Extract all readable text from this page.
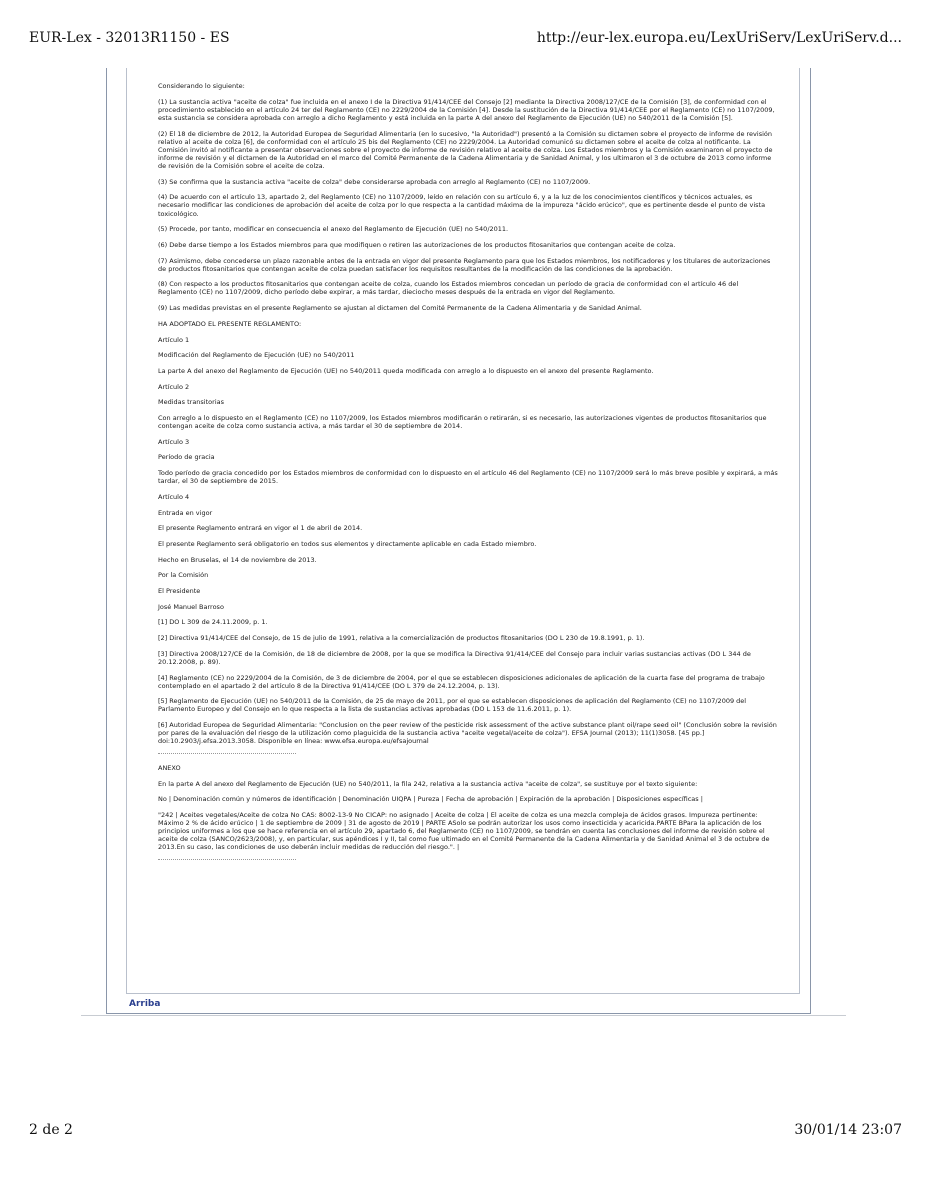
EUR-Lex - 32013R1150 - ES	http://eur-lex.europa.eu/LexUriServ/LexUriServ.d...

Considerando lo siguiente:

(1) La sustancia activa "aceite de colza" fue incluida en el anexo I de la Directiva 91/414/CEE del Consejo [2] mediante la Directiva 2008/127/CE de la Comisión [3], de conformidad con el procedimiento establecido en el artículo 24 ter del Reglamento (CE) no 2229/2004 de la Comisión [4]. Desde la sustitución de la Directiva 91/414/CEE por el Reglamento (CE) no 1107/2009, esta sustancia se considera aprobada con arreglo a dicho Reglamento y está incluida en la parte A del anexo del Reglamento de Ejecución (UE) no 540/2011 de la Comisión [5].

(2) El 18 de diciembre de 2012, la Autoridad Europea de Seguridad Alimentaria (en lo sucesivo, "la Autoridad") presentó a la Comisión su dictamen sobre el proyecto de informe de revisión relativo al aceite de colza [6], de conformidad con el artículo 25 bis del Reglamento (CE) no 2229/2004. La Autoridad comunicó su dictamen sobre el aceite de colza al notificante. La Comisión invitó al notificante a presentar observaciones sobre el proyecto de informe de revisión relativo al aceite de colza. Los Estados miembros y la Comisión examinaron el proyecto de informe de revisión y el dictamen de la Autoridad en el marco del Comité Permanente de la Cadena Alimentaria y de Sanidad Animal, y los ultimaron el 3 de octubre de 2013 como informe de revisión de la Comisión sobre el aceite de colza.

(3) Se confirma que la sustancia activa "aceite de colza" debe considerarse aprobada con arreglo al Reglamento (CE) no 1107/2009.

(4) De acuerdo con el artículo 13, apartado 2, del Reglamento (CE) no 1107/2009, leído en relación con su artículo 6, y a la luz de los conocimientos científicos y técnicos actuales, es necesario modificar las condiciones de aprobación del aceite de colza por lo que respecta a la cantidad máxima de la impureza "ácido erúcico", que es pertinente desde el punto de vista toxicológico.

(5) Procede, por tanto, modificar en consecuencia el anexo del Reglamento de Ejecución (UE) no 540/2011.

(6) Debe darse tiempo a los Estados miembros para que modifiquen o retiren las autorizaciones de los productos fitosanitarios que contengan aceite de colza.

(7) Asimismo, debe concederse un plazo razonable antes de la entrada en vigor del presente Reglamento para que los Estados miembros, los notificadores y los titulares de autorizaciones de productos fitosanitarios que contengan aceite de colza puedan satisfacer los requisitos resultantes de la modificación de las condiciones de la aprobación.

(8) Con respecto a los productos fitosanitarios que contengan aceite de colza, cuando los Estados miembros concedan un período de gracia de conformidad con el artículo 46 del Reglamento (CE) no 1107/2009, dicho período debe expirar, a más tardar, dieciocho meses después de la entrada en vigor del Reglamento.

(9) Las medidas previstas en el presente Reglamento se ajustan al dictamen del Comité Permanente de la Cadena Alimentaria y de Sanidad Animal.

HA ADOPTADO EL PRESENTE REGLAMENTO:

Artículo 1

Modificación del Reglamento de Ejecución (UE) no 540/2011

La parte A del anexo del Reglamento de Ejecución (UE) no 540/2011 queda modificada con arreglo a lo dispuesto en el anexo del presente Reglamento.

Artículo 2

Medidas transitorias

Con arreglo a lo dispuesto en el Reglamento (CE) no 1107/2009, los Estados miembros modificarán o retirarán, si es necesario, las autorizaciones vigentes de productos fitosanitarios que contengan aceite de colza como sustancia activa, a más tardar el 30 de septiembre de 2014.

Artículo 3

Período de gracia

Todo período de gracia concedido por los Estados miembros de conformidad con lo dispuesto en el artículo 46 del Reglamento (CE) no 1107/2009 será lo más breve posible y expirará, a más tardar, el 30 de septiembre de 2015.

Artículo 4

Entrada en vigor

El presente Reglamento entrará en vigor el 1 de abril de 2014.

El presente Reglamento será obligatorio en todos sus elementos y directamente aplicable en cada Estado miembro.

Hecho en Bruselas, el 14 de noviembre de 2013.

Por la Comisión

El Presidente

José Manuel Barroso

[1] DO L 309 de 24.11.2009, p. 1.

[2] Directiva 91/414/CEE del Consejo, de 15 de julio de 1991, relativa a la comercialización de productos fitosanitarios (DO L 230 de 19.8.1991, p. 1).

[3] Directiva 2008/127/CE de la Comisión, de 18 de diciembre de 2008, por la que se modifica la Directiva 91/414/CEE del Consejo para incluir varias sustancias activas (DO L 344 de 20.12.2008, p. 89).

[4] Reglamento (CE) no 2229/2004 de la Comisión, de 3 de diciembre de 2004, por el que se establecen disposiciones adicionales de aplicación de la cuarta fase del programa de trabajo contemplado en el apartado 2 del artículo 8 de la Directiva 91/414/CEE (DO L 379 de 24.12.2004, p. 13).

[5] Reglamento de Ejecución (UE) no 540/2011 de la Comisión, de 25 de mayo de 2011, por el que se establecen disposiciones de aplicación del Reglamento (CE) no 1107/2009 del Parlamento Europeo y del Consejo en lo que respecta a la lista de sustancias activas aprobadas (DO L 153 de 11.6.2011, p. 1).

[6] Autoridad Europea de Seguridad Alimentaria: "Conclusion on the peer review of the pesticide risk assessment of the active substance plant oil/rape seed oil" (Conclusión sobre la revisión por pares de la evaluación del riesgo de la utilización como plaguicida de la sustancia activa "aceite vegetal/aceite de colza"). EFSA Journal (2013); 11(1)3058. [45 pp.] doi:10.2903/j.efsa.2013.3058. Disponible en línea: www.efsa.europa.eu/efsajournal

ANEXO

En la parte A del anexo del Reglamento de Ejecución (UE) no 540/2011, la fila 242, relativa a la sustancia activa "aceite de colza", se sustituye por el texto siguiente:

No | Denominación común y números de identificación | Denominación UIQPA | Pureza | Fecha de aprobación | Expiración de la aprobación | Disposiciones específicas |

"242 | Aceites vegetales/Aceite de colza No CAS: 8002-13-9 No CICAP: no asignado | Aceite de colza | El aceite de colza es una mezcla compleja de ácidos grasos. Impureza pertinente: Máximo 2 % de ácido erúcico | 1 de septiembre de 2009 | 31 de agosto de 2019 | PARTE ASolo se podrán autorizar los usos como insecticida y acaricida.PARTE BPara la aplicación de los principios uniformes a los que se hace referencia en el artículo 29, apartado 6, del Reglamento (CE) no 1107/2009, se tendrán en cuenta las conclusiones del informe de revisión sobre el aceite de colza (SANCO/2623/2008), y, en particular, sus apéndices I y II, tal como fue ultimado en el Comité Permanente de la Cadena Alimentaria y de Sanidad Animal el 3 de octubre de 2013.En su caso, las condiciones de uso deberán incluir medidas de reducción del riesgo.". |

Arriba
2 de 2	30/01/14 23:07
